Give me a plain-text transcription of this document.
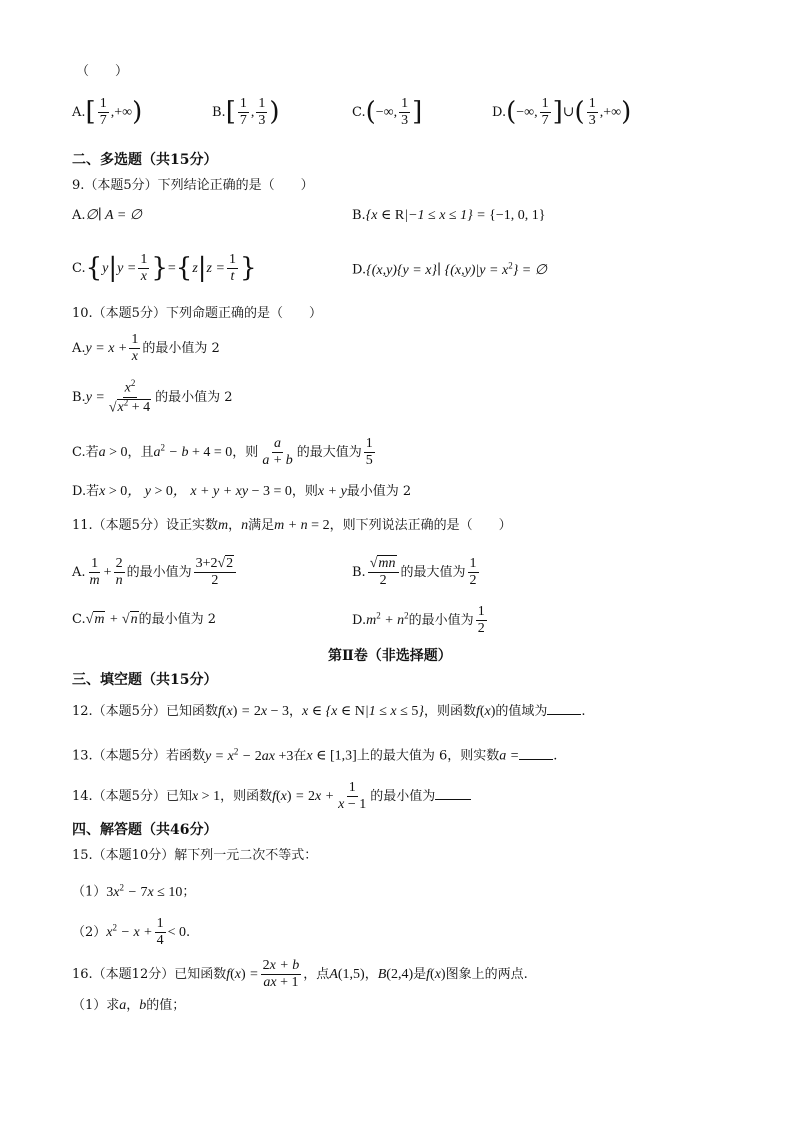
（　　）
$A.[ \frac{1}{7}$ ,+∞)	$B.[ \frac{1}{7}$ , $\frac{1}{3}$ )	C.(−∞, $\frac{1}{3}$ ]	D.(−∞, $\frac{1}{7}$ ]∪( $\frac{1}{3}$ ,+∞)
二、多选题（共15分）
9.（本题5分）下列结论正确的是（　　）
A.∅∣ A = ∅	B.{x ∈ R|−1 ≤ x ≤ 1} = {−1, 0, 1}
$C.\{y|y = \frac{1}{x} \}=\{z|z = \frac{1}{t}$ }	D.{(x,y){y = x}∣ $\{(x,y)|y = x^2\}$ = ∅
10.（本题5分）下列命题正确的是（　　）
$A.y = x + \frac{1}{x}$ 的最小值为 2
$B.y = \frac{x^2}{√x^2 + 4}$ 的最小值为 2
C.若a > 0，且$a^2 - b + 4 = 0$，则 $\frac{a}{a + b}$ 的最大值为 $\frac{1}{5}$
D.若x > 0， y > 0， x + y + xy − 3 = 0，则x + y最小值为 2
11.（本题5分）设正实数m，n满足m + n = 2，则下列说法正确的是（　　）
A. $\frac{1}{m} + \frac{2}{n}$ 的最小值为 $\frac{3+2√2}{2}$	B. $\frac{√mn}{2}$ 的最大值为 $\frac{1}{2}$
C.√m + √n的最小值为 2	$D.m^2 + n^2$的最小值为 $\frac{1}{2}$
第Ⅱ卷（非选择题）
三、填空题（共15分）
12.（本题5分）已知函数f(x) = 2x − 3，x ∈ {x ∈ N|1 ≤ x ≤ 5}，则函数f(x)的值域为	.
13.（本题5分）若函数$y = x^2 - 2ax +3$在x ∈ [1,3]上的最大值为 6，则实数a =	.
14.（本题5分）已知x > 1，则函数$f(x) = 2x + \frac{1}{x - 1}$ 的最小值为
四、解答题（共46分）
15.（本题10分）解下列一元二次不等式：
$(1)3x^2 - 7x \le 10$；
$(2)x^2 - x + \frac{1}{4} < 0$.
16.（本题12分）已知函数$f(x) = \frac{2x + b}{ax + 1}$ ，点A(1,5)，B(2,4)是f(x)图象上的两点.
（1）求a，b的值；
